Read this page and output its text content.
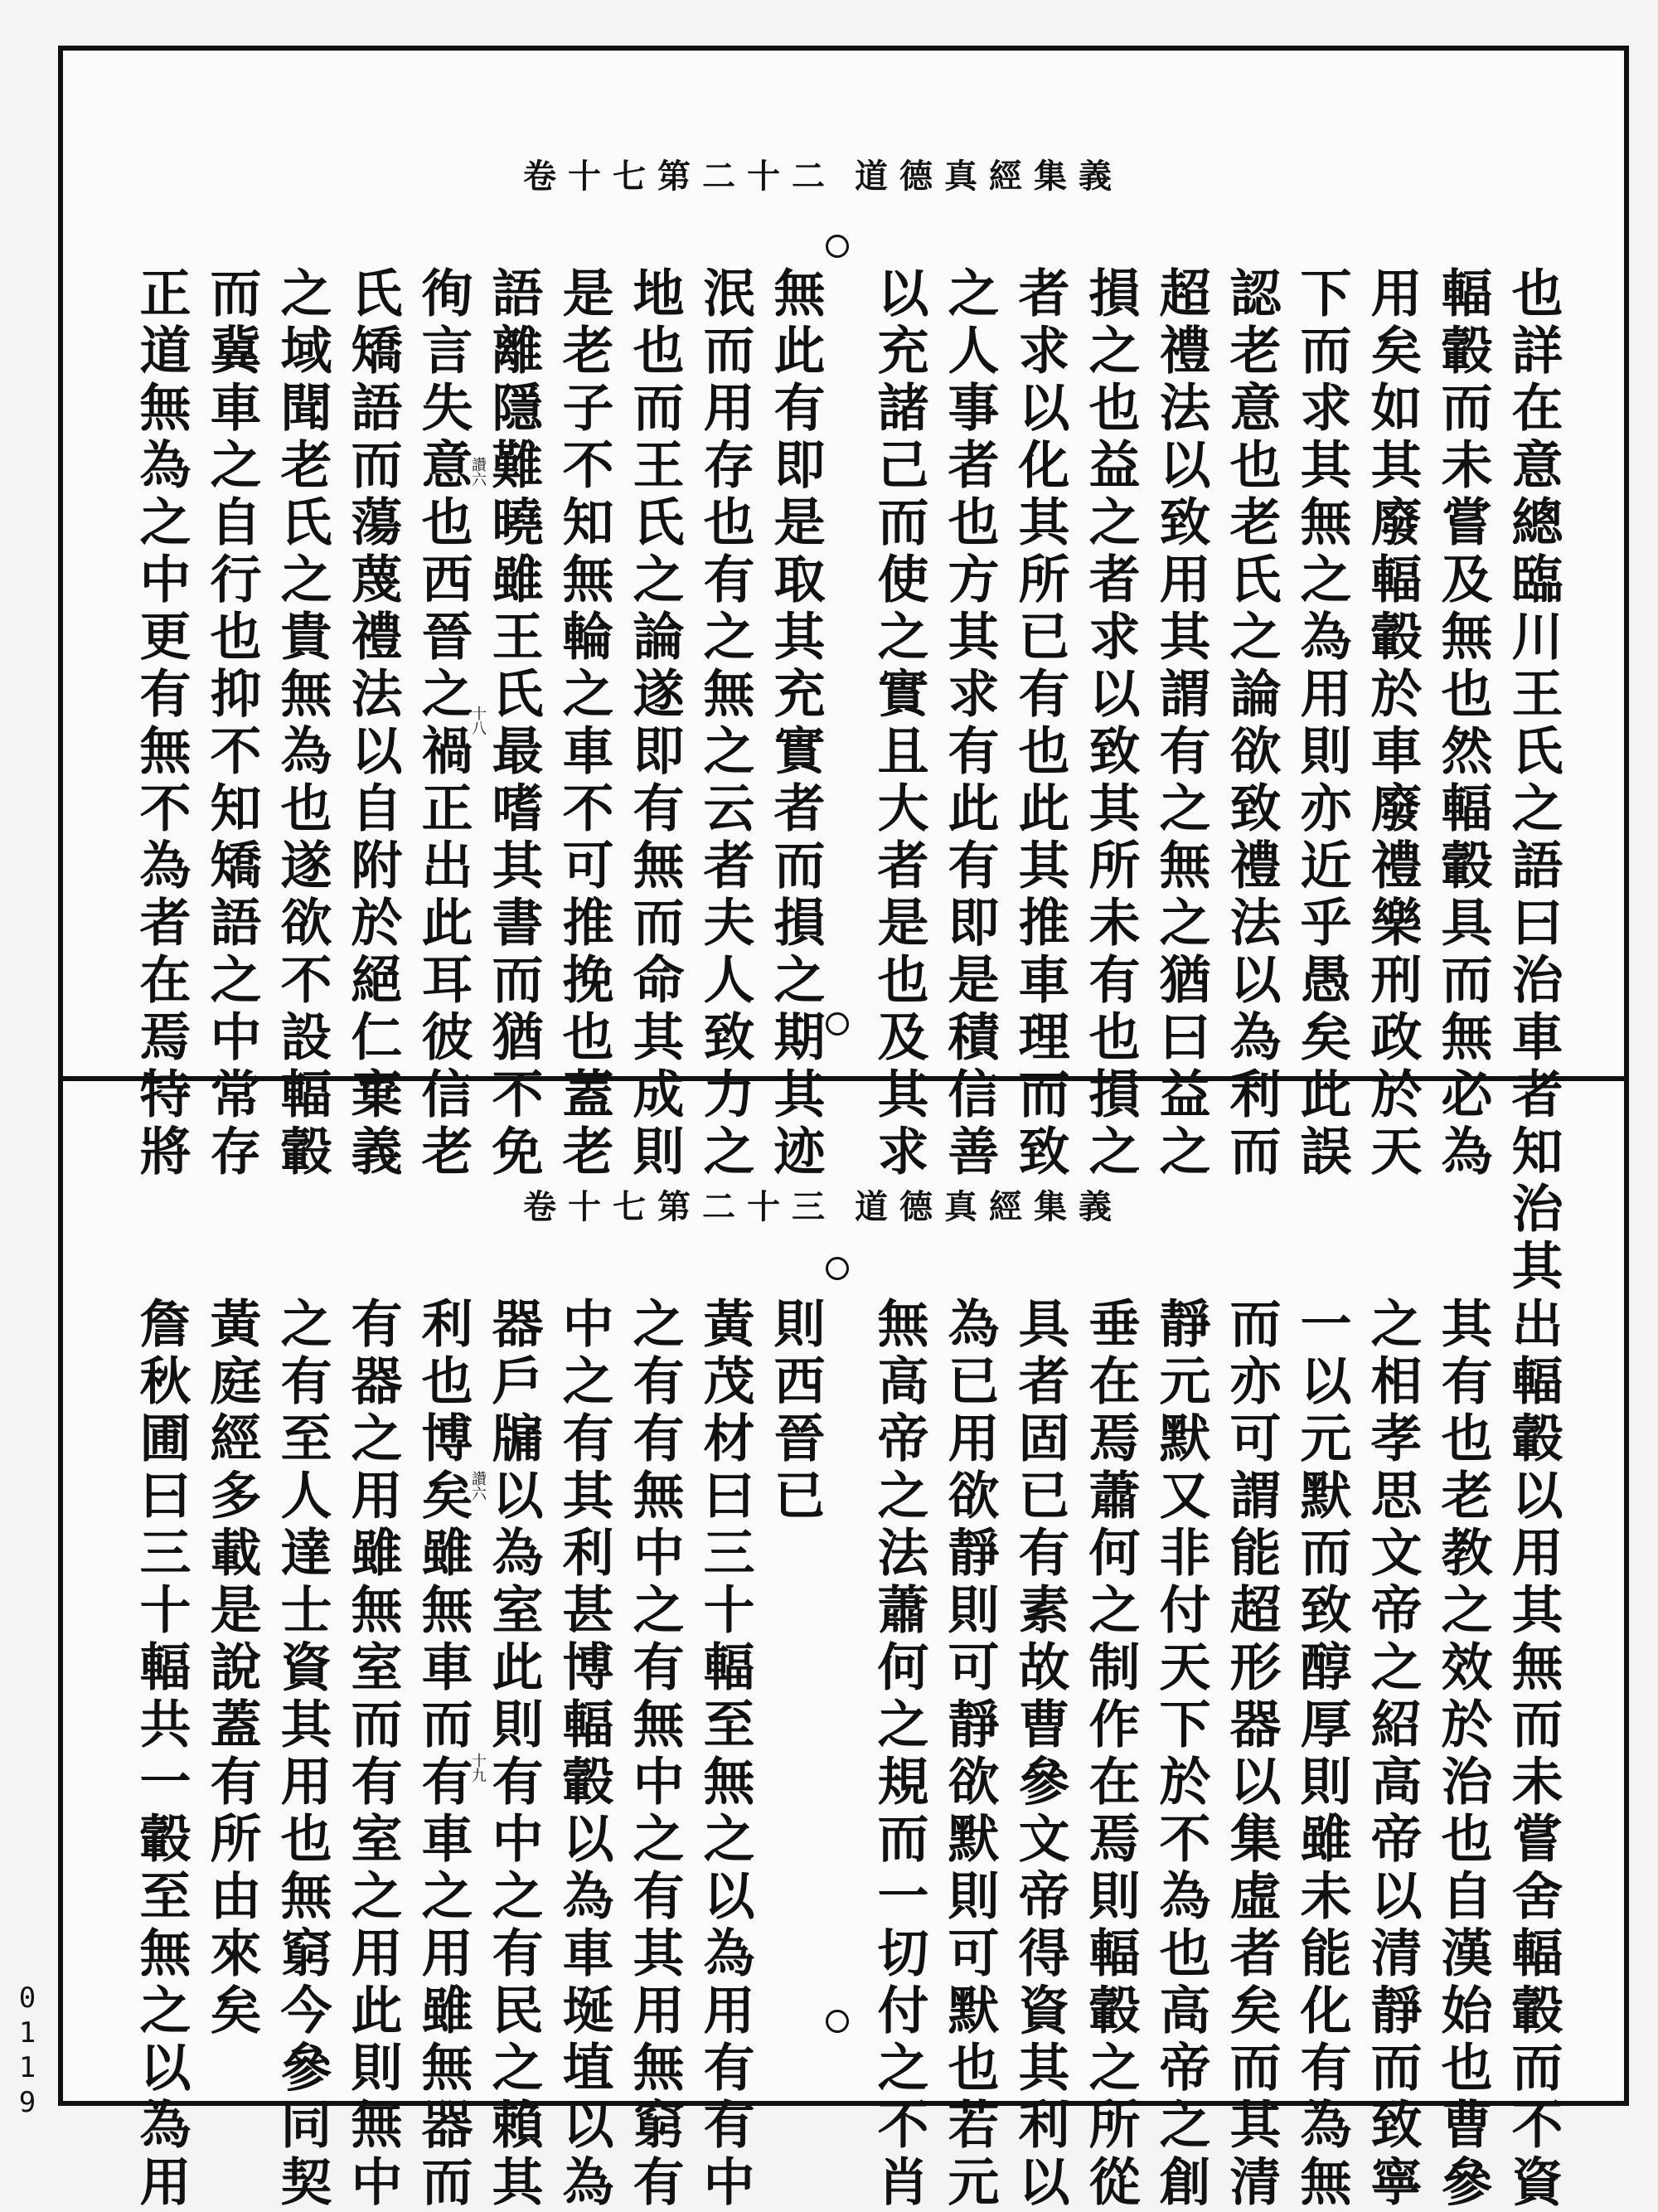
道德真經集義
卷十七第二十二
也詳在意總臨川王氏之語曰治車者知治其
輻轂而未嘗及無也然輻轂具而無必為
用矣如其廢輻轂於車廢禮樂刑政於天
下而求其無之為用則亦近乎愚矣此誤
認老意也老氏之論欲致禮法以為利而
超禮法以致用其謂有之無之猶曰益之
損之也益之者求以致其所未有也損之
者求以化其所已有也此其推車理而致
之人事者也方其求有此有即是積信善
以充諸己而使之實且大者是也及其求
無此有即是取其充實者而損之期其迹
泯而用存也有之無之云者夫人致力之
地也而王氏之論遂即有無而命其成則
是老子不知無輪之車不可推挽也蓋老
語離隱難曉雖王氏最嗜其書而猶不免
徇言失意也西晉之禍正出此耳彼信老
氏矯語而蕩蔑禮法以自附於絕仁棄義
之域聞老氏之貴無為也遂欲不設輻轂
而冀車之自行也抑不知矯語之中常存
正道無為之中更有無不為者在焉特將	讚六
十八
道德真經集義
卷十七第二十三
出輻轂以用其無而未嘗舍輻轂而不資
其有也老教之效於治也自漢始也曹參
之相孝思文帝之紹高帝以清靜而致寧
一以元默而致醇厚則雖未能化有為無
而亦可謂能超形器以集虛者矣而其清
靜元默又非付天下於不為也高帝之創
垂在焉蕭何之制作在焉則輻轂之所從
具者固已有素故曹參文帝得資其利以
為已用欲靜則可靜欲默則可默也若元
無高帝之法蕭何之規而一切付之不肖
則西晉已
黃茂材曰三十輻至無之以為用有有中
之有有無中之有無中之有其用無窮有
中之有其利甚博輻轂以為車埏埴以為
器戶牖以為室此則有中之有民之賴其
利也博矣雖無車而有車之用雖無器而
有器之用雖無室而有室之用此則無中
之有至人達士資其用也無窮今參同契
黃庭經多載是說蓋有所由來矣
詹秋圃曰三十輻共一轂至無之以為用	讚六
十九
0119
